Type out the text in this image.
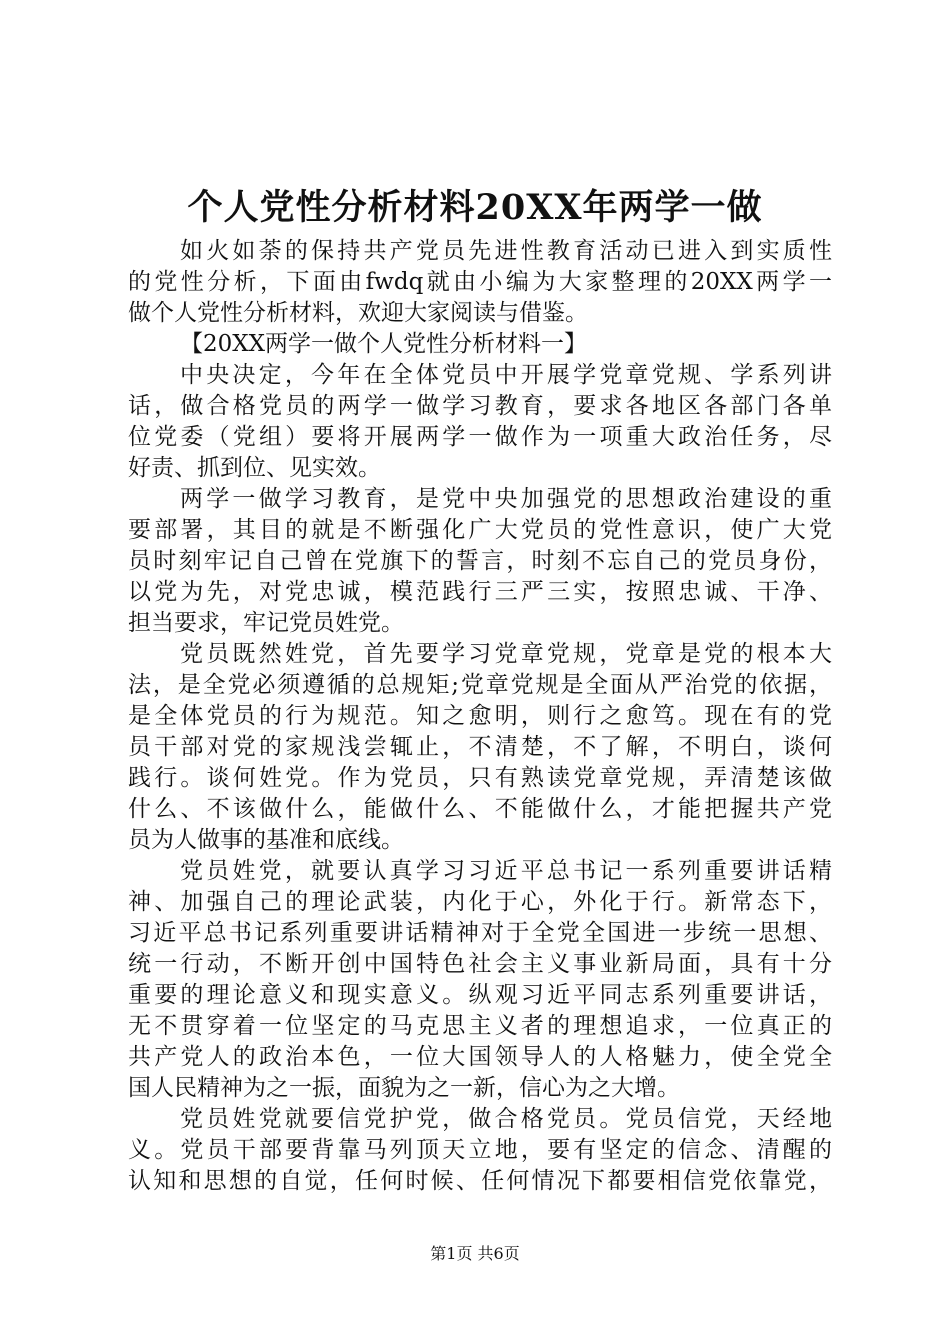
个人党性分析材料20XX年两学一做
如火如荼的保持共产党员先进性教育活动已进入到实质性
的党性分析，下面由fwdq就由小编为大家整理的20XX两学一
做个人党性分析材料，欢迎大家阅读与借鉴。
【20XX两学一做个人党性分析材料一】
中央决定，今年在全体党员中开展学党章党规、学系列讲
话，做合格党员的两学一做学习教育，要求各地区各部门各单
位党委（党组）要将开展两学一做作为一项重大政治任务，尽
好责、抓到位、见实效。
两学一做学习教育，是党中央加强党的思想政治建设的重
要部署，其目的就是不断强化广大党员的党性意识，使广大党
员时刻牢记自己曾在党旗下的誓言，时刻不忘自己的党员身份，
以党为先，对党忠诚，模范践行三严三实，按照忠诚、干净、
担当要求，牢记党员姓党。
党员既然姓党，首先要学习党章党规，党章是党的根本大
法，是全党必须遵循的总规矩;党章党规是全面从严治党的依据，
是全体党员的行为规范。知之愈明，则行之愈笃。现在有的党
员干部对党的家规浅尝辄止，不清楚，不了解，不明白，谈何
践行。谈何姓党。作为党员，只有熟读党章党规，弄清楚该做
什么、不该做什么，能做什么、不能做什么，才能把握共产党
员为人做事的基准和底线。
党员姓党，就要认真学习习近平总书记一系列重要讲话精
神、加强自己的理论武装，内化于心，外化于行。新常态下，
习近平总书记系列重要讲话精神对于全党全国进一步统一思想、
统一行动，不断开创中国特色社会主义事业新局面，具有十分
重要的理论意义和现实意义。纵观习近平同志系列重要讲话，
无不贯穿着一位坚定的马克思主义者的理想追求，一位真正的
共产党人的政治本色，一位大国领导人的人格魅力，使全党全
国人民精神为之一振，面貌为之一新，信心为之大增。
党员姓党就要信党护党，做合格党员。党员信党，天经地
义。党员干部要背靠马列顶天立地，要有坚定的信念、清醒的
认知和思想的自觉，任何时候、任何情况下都要相信党依靠党，
第1页 共6页
